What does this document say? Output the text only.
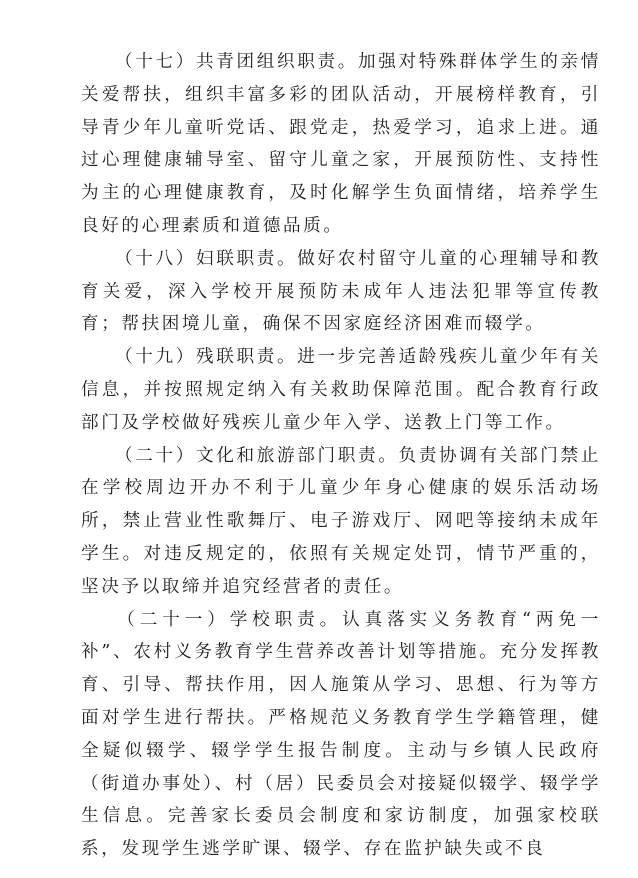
（十七）共青团组织职责。加强对特殊群体学生的亲情关爱帮扶，组织丰富多彩的团队活动，开展榜样教育，引导青少年儿童听党话、跟党走，热爱学习，追求上进。通过心理健康辅导室、留守儿童之家，开展预防性、支持性为主的心理健康教育，及时化解学生负面情绪，培养学生良好的心理素质和道德品质。

（十八）妇联职责。做好农村留守儿童的心理辅导和教育关爱，深入学校开展预防未成年人违法犯罪等宣传教育；帮扶困境儿童，确保不因家庭经济困难而辍学。

（十九）残联职责。进一步完善适龄残疾儿童少年有关信息，并按照规定纳入有关救助保障范围。配合教育行政部门及学校做好残疾儿童少年入学、送教上门等工作。

（二十）文化和旅游部门职责。负责协调有关部门禁止在学校周边开办不利于儿童少年身心健康的娱乐活动场所，禁止营业性歌舞厅、电子游戏厅、网吧等接纳未成年学生。对违反规定的，依照有关规定处罚，情节严重的，坚决予以取缔并追究经营者的责任。

（二十一）学校职责。认真落实义务教育“两免一补”、农村义务教育学生营养改善计划等措施。充分发挥教育、引导、帮扶作用，因人施策从学习、思想、行为等方面对学生进行帮扶。严格规范义务教育学生学籍管理，健全疑似辍学、辍学学生报告制度。主动与乡镇人民政府（街道办事处）、村（居）民委员会对接疑似辍学、辍学学生信息。完善家长委员会制度和家访制度，加强家校联系，发现学生逃学旷课、辍学、存在监护缺失或不良
